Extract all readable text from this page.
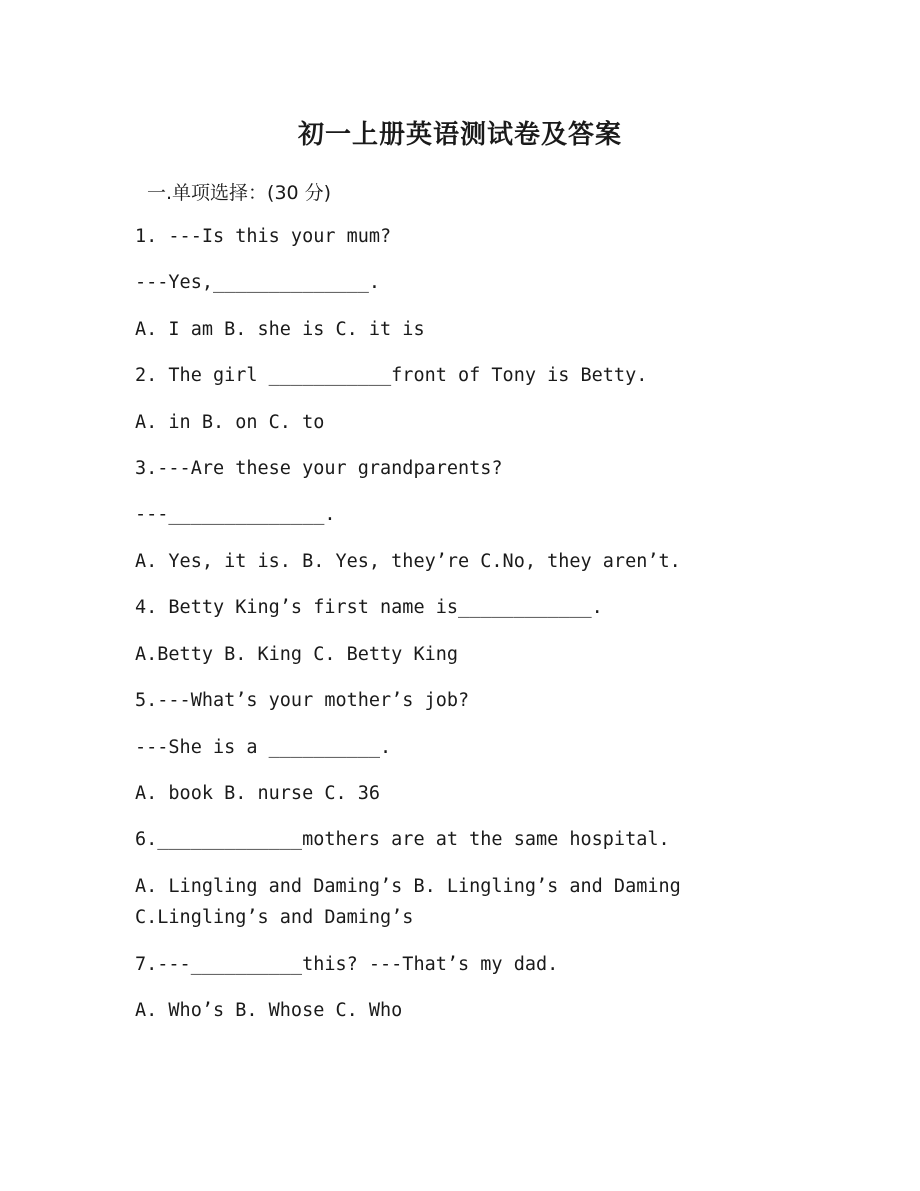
初一上册英语测试卷及答案

一.单项选择：(30 分)

1. ---Is this your mum?

---Yes,______________.

A. I am B. she is C. it is

2. The girl ___________front of Tony is Betty.

A. in B. on C. to

3.---Are these your grandparents?

---______________.

A. Yes, it is. B. Yes, they’re C.No, they aren’t.

4. Betty King’s first name is____________.

A.Betty B. King C. Betty King

5.---What’s your mother’s job?

---She is a __________.

A. book B. nurse C. 36

6._____________mothers are at the same hospital.

A. Lingling and Daming’s B. Lingling’s and Daming

C.Lingling’s and Daming’s

7.---__________this? ---That’s my dad.

A. Who’s B. Whose C. Who
